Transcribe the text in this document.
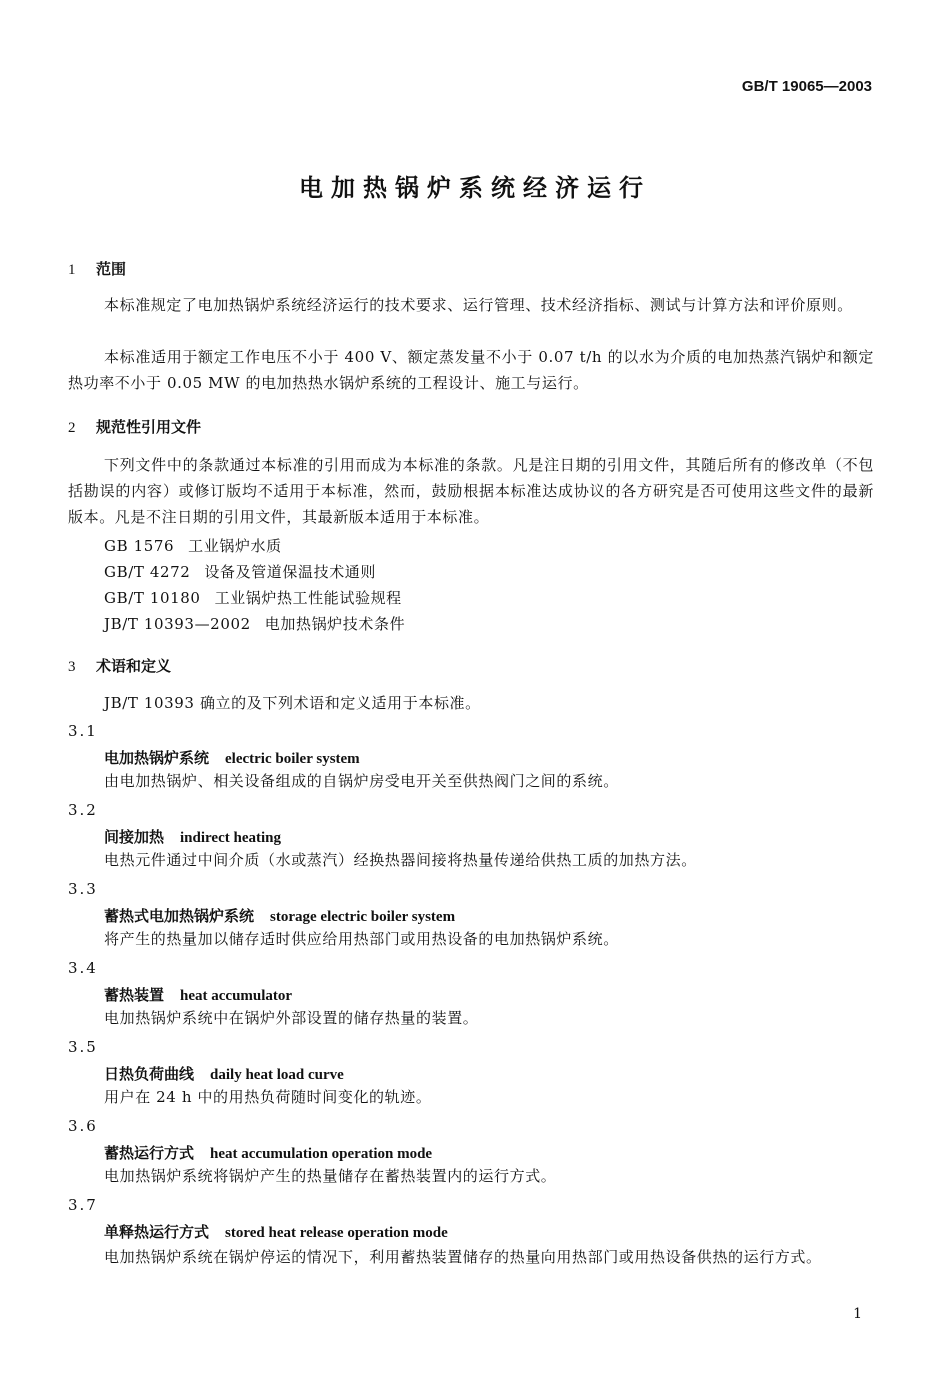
GB/T 19065—2003
电加热锅炉系统经济运行
1 范围
本标准规定了电加热锅炉系统经济运行的技术要求、运行管理、技术经济指标、测试与计算方法和评价原则。
本标准适用于额定工作电压不小于 400 V、额定蒸发量不小于 0.07 t/h 的以水为介质的电加热蒸汽锅炉和额定热功率不小于 0.05 MW 的电加热热水锅炉系统的工程设计、施工与运行。
2 规范性引用文件
下列文件中的条款通过本标准的引用而成为本标准的条款。凡是注日期的引用文件，其随后所有的修改单（不包括勘误的内容）或修订版均不适用于本标准，然而，鼓励根据本标准达成协议的各方研究是否可使用这些文件的最新版本。凡是不注日期的引用文件，其最新版本适用于本标准。
GB 1576 工业锅炉水质
GB/T 4272 设备及管道保温技术通则
GB/T 10180 工业锅炉热工性能试验规程
JB/T 10393—2002 电加热锅炉技术条件
3 术语和定义
JB/T 10393 确立的及下列术语和定义适用于本标准。
3.1
电加热锅炉系统 electric boiler system
由电加热锅炉、相关设备组成的自锅炉房受电开关至供热阀门之间的系统。
3.2
间接加热 indirect heating
电热元件通过中间介质（水或蒸汽）经换热器间接将热量传递给供热工质的加热方法。
3.3
蓄热式电加热锅炉系统 storage electric boiler system
将产生的热量加以储存适时供应给用热部门或用热设备的电加热锅炉系统。
3.4
蓄热装置 heat accumulator
电加热锅炉系统中在锅炉外部设置的储存热量的装置。
3.5
日热负荷曲线 daily heat load curve
用户在 24 h 中的用热负荷随时间变化的轨迹。
3.6
蓄热运行方式 heat accumulation operation mode
电加热锅炉系统将锅炉产生的热量储存在蓄热装置内的运行方式。
3.7
单释热运行方式 stored heat release operation mode
电加热锅炉系统在锅炉停运的情况下，利用蓄热装置储存的热量向用热部门或用热设备供热的运行方式。
1
